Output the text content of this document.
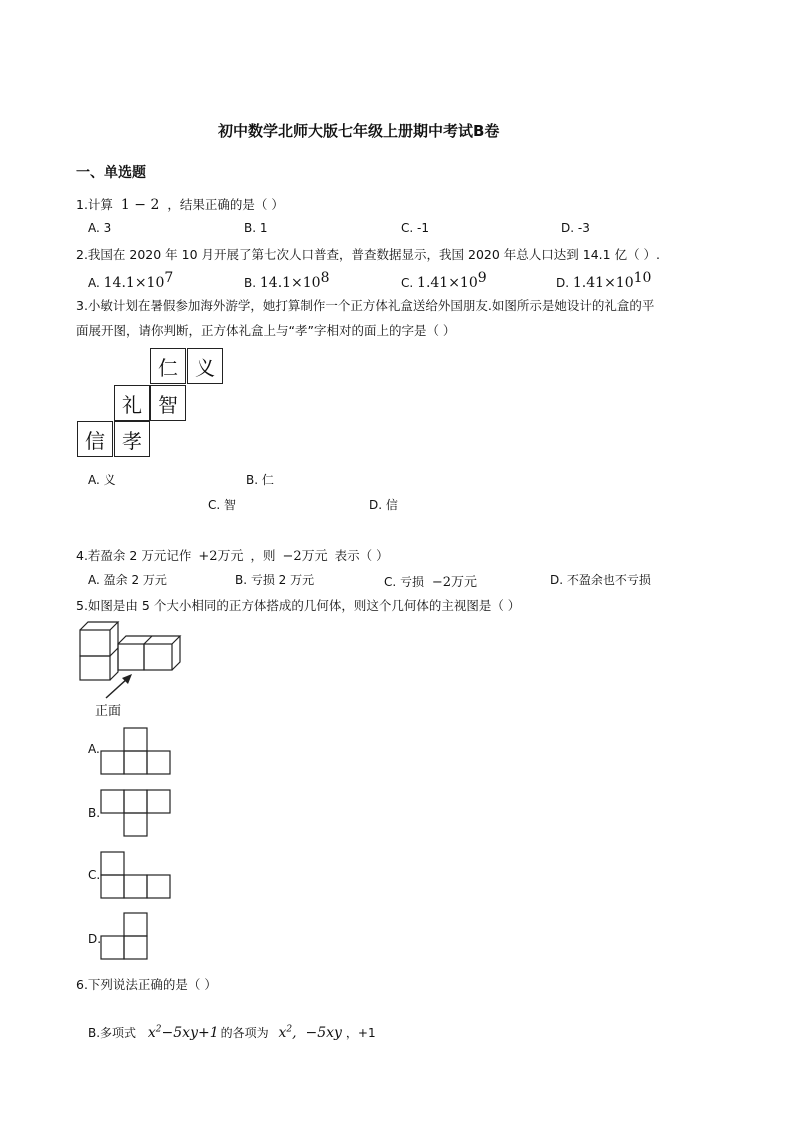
初中数学北师大版七年级上册期中考试B卷
一、单选题
1.计算 1 − 2 ，结果正确的是（ ）
A. 3	B. 1	C. -1	D. -3
2.我国在 2020 年 10 月开展了第七次人口普查，普查数据显示，我国 2020 年总人口达到 14.1 亿（ ）.
A. $14.1\times 10^7$	B. $14.1\times 10^8$	C. $1.41\times 10^9$	D. $1.41\times 10^{10}$
3.小敏计划在暑假参加海外游学，她打算制作一个正方体礼盒送给外国朋友.如图所示是她设计的礼盒的平
面展开图，请你判断，正方体礼盒上与“孝”字相对的面上的字是（ ）
仁 义
礼 智
信 孝
A. 义	B. 仁
C. 智	D. 信
4.若盈余 2 万元记作 +2万元 ，则 −2万元 表示（ ）
A. 盈余 2 万元	B. 亏损 2 万元	C. 亏损 −2万元	D. 不盈余也不亏损
5.如图是由 5 个大小相同的正方体搭成的几何体，则这个几何体的主视图是（ ）
正面
A.
B.
C.
D.
6.下列说法正确的是（ ）
B.多项式 $x^2-5xy+1$ 的各项为 $x^2$,  −5xy ，+1
